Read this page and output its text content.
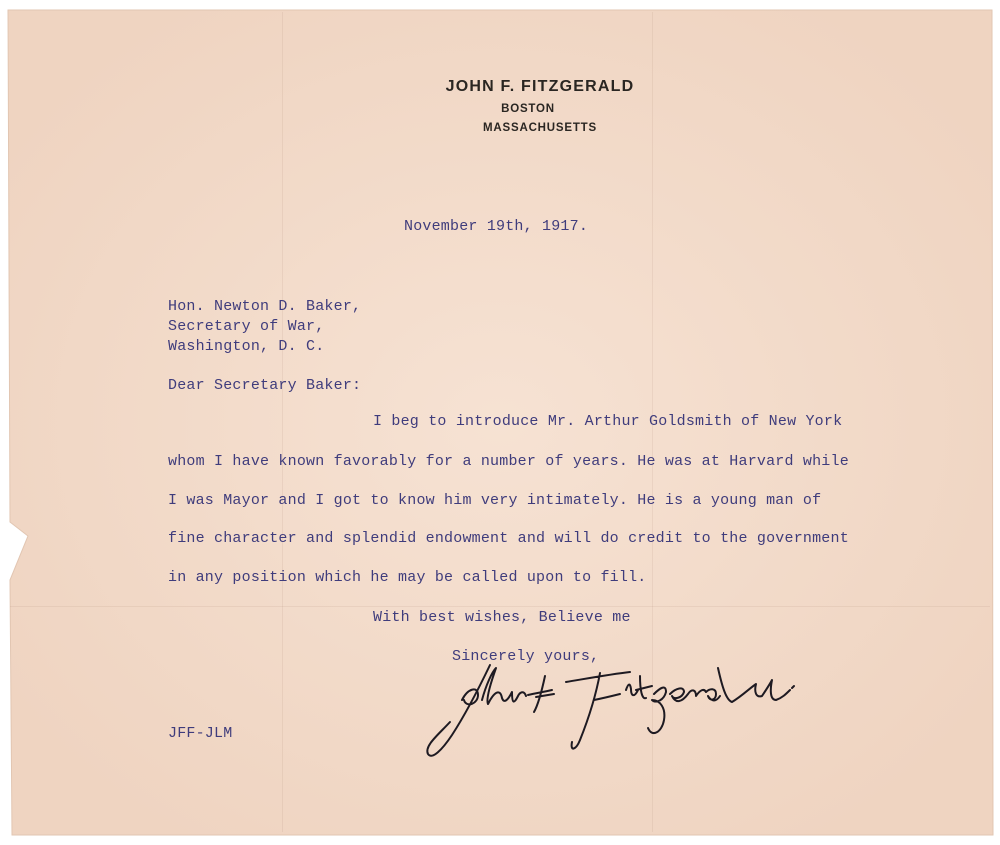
JOHN F. FITZGERALD
BOSTON
MASSACHUSETTS
November 19th, 1917.
Hon. Newton D. Baker,
Secretary of War,
Washington, D. C.
Dear Secretary Baker:
I beg to introduce Mr. Arthur Goldsmith of New York
whom I have known favorably for a number of years. He was at Harvard while
I was Mayor and I got to know him very intimately. He is a young man of
fine character and splendid endowment and will do credit to the government
in any position which he may be called upon to fill.
With best wishes, Believe me
Sincerely yours,
JFF-JLM
